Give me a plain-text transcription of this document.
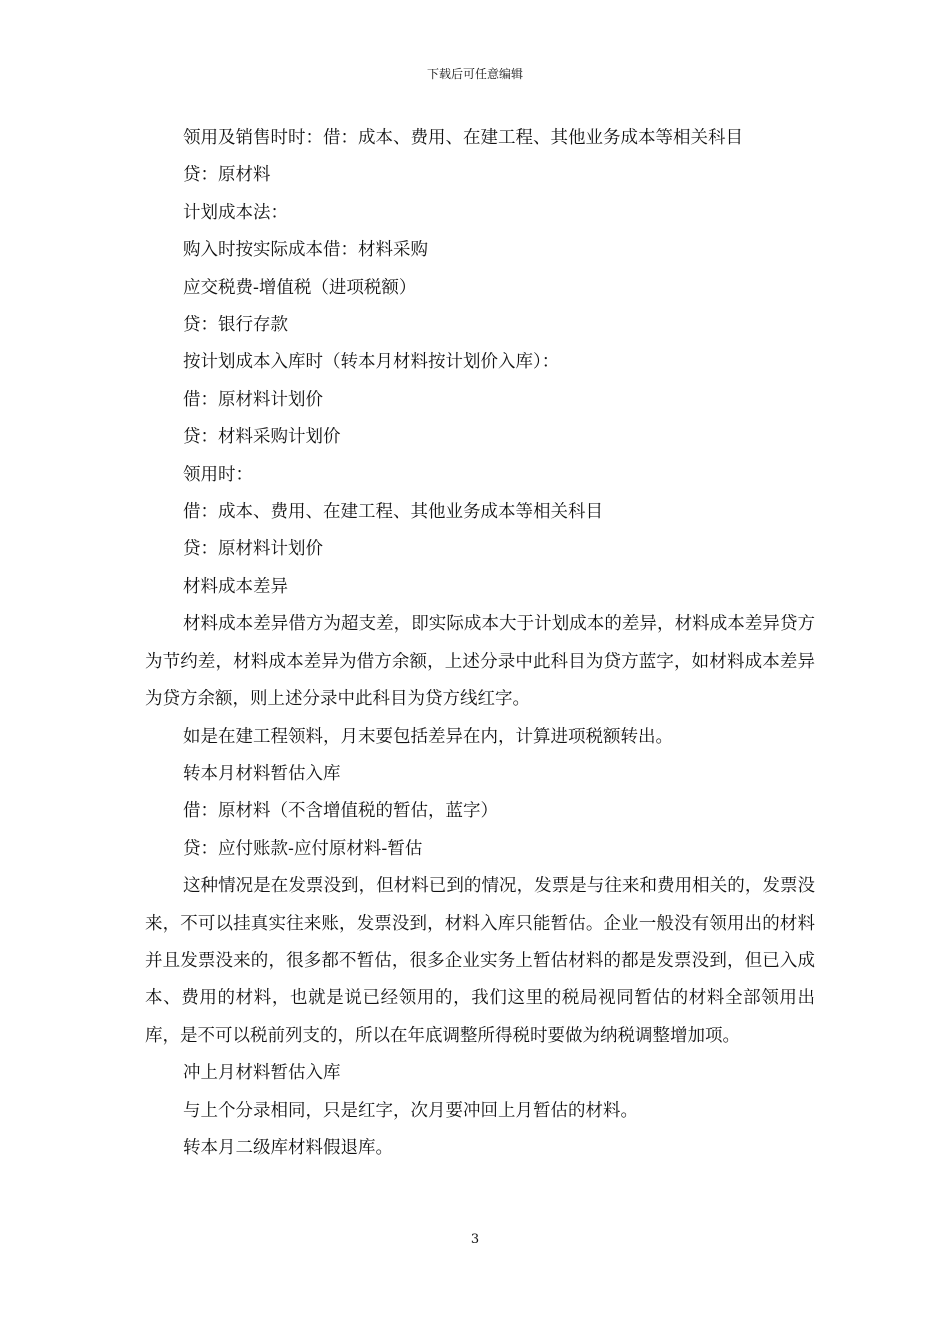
下载后可任意编辑

领用及销售时时：借：成本、费用、在建工程、其他业务成本等相关科目

贷：原材料

计划成本法：

购入时按实际成本借：材料采购

应交税费-增值税（进项税额）

贷：银行存款

按计划成本入库时（转本月材料按计划价入库）：

借：原材料计划价

贷：材料采购计划价

领用时：

借：成本、费用、在建工程、其他业务成本等相关科目

贷：原材料计划价

材料成本差异

材料成本差异借方为超支差，即实际成本大于计划成本的差异，材料成本差异贷方为节约差，材料成本差异为借方余额，上述分录中此科目为贷方蓝字，如材料成本差异为贷方余额，则上述分录中此科目为贷方线红字。

如是在建工程领料，月末要包括差异在内，计算进项税额转出。

转本月材料暂估入库

借：原材料（不含增值税的暂估，蓝字）

贷：应付账款-应付原材料-暂估

这种情况是在发票没到，但材料已到的情况，发票是与往来和费用相关的，发票没来，不可以挂真实往来账，发票没到，材料入库只能暂估。企业一般没有领用出的材料并且发票没来的，很多都不暂估，很多企业实务上暂估材料的都是发票没到，但已入成本、费用的材料，也就是说已经领用的，我们这里的税局视同暂估的材料全部领用出库，是不可以税前列支的，所以在年底调整所得税时要做为纳税调整增加项。

冲上月材料暂估入库

与上个分录相同，只是红字，次月要冲回上月暂估的材料。

转本月二级库材料假退库。

3
